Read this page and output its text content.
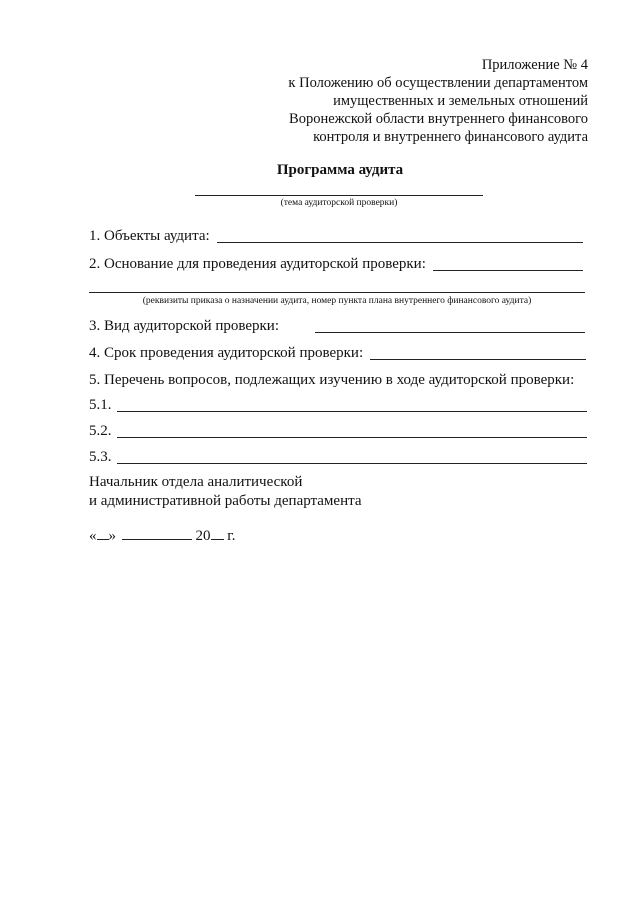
Приложение № 4
к Положению об осуществлении департаментом
имущественных и земельных отношений
Воронежской области внутреннего финансового
контроля и внутреннего финансового аудита
Программа аудита
(тема аудиторской проверки)
1. Объекты аудита:
2. Основание для проведения аудиторской проверки:
(реквизиты приказа о назначении аудита, номер пункта плана внутреннего финансового аудита)
3. Вид аудиторской проверки:
4. Срок проведения аудиторской проверки:
5. Перечень вопросов, подлежащих изучению в ходе аудиторской проверки:
5.1.
5.2.
5.3.
Начальник отдела аналитической
и административной работы департамента
« »	20 г.
